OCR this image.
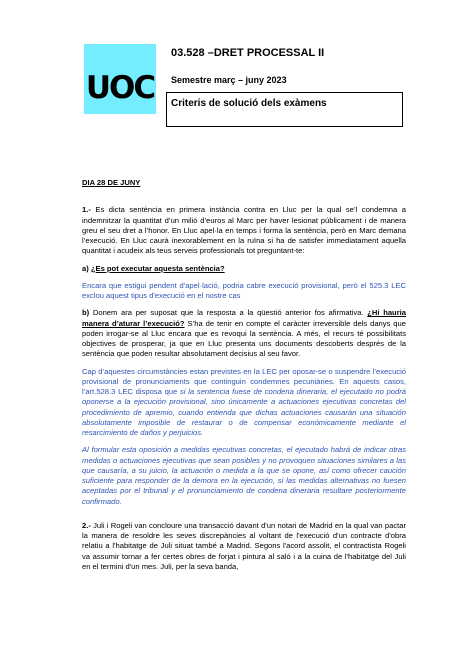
UOC

03.528 –DRET PROCESSAL II

Semestre març – juny 2023

Criteris de solució dels exàmens

DIA 28 DE JUNY

1.- Es dicta sentència en primera instància contra en Lluc per la qual se’l condemna a indemnitzar la quantitat d’un milió d’euros al Marc per haver lesionat públicament i de manera greu el seu dret a l’honor. En Lluc apel·la en temps i forma la sentència, però en Marc demana l’execució. En Lluc caurà inexorablement en la ruïna si ha de satisfer immediatament aquella quantitat i acudeix als teus serveis professionals tot preguntant-te:

a) ¿Es pot executar aquesta sentència?

Encara que estigui pendent d'apel·lació, podria cabre execució provisional, però el 525.3 LEC exclou aquest tipus d'execució en el nostre cas

b) Donem ara per suposat que la resposta a la qüestió anterior fos afirmativa. ¿Hi hauria manera d’aturar l’execució? S’ha de tenir en compte el caràcter irreversible dels danys que poden irrogar-se al Lluc encara que es revoqui la sentència. A més, el recurs té possibilitats objectives de prosperar, ja que en Lluc presenta uns documents descoberts després de la sentència que poden resultar absolutament decisius al seu favor.

Cap d’aquestes circumstàncies estan previstes en la LEC per oposar-se o suspendre l’execució provisional de pronunciaments que continguin condemnes pecuniàries. En aquests casos, l’art.528.3 LEC disposa que si la sentencia fuese de condena dineraria, el ejecutado no podrá oponerse a la ejecución provisional, sino únicamente a actuaciones ejecutivas concretas del procedimiento de apremio, cuando entienda que dichas actuaciones causarán una situación absolutamente imposible de restaurar o de compensar económicamente mediante el resarcimiento de daños y perjuicios.

Al formular esta oposición a medidas ejecutivas concretas, el ejecutado habrá de indicar otras medidas o actuaciones ejecutivas que sean posibles y no provoquen situaciones similares a las que causaría, a su juicio, la actuación o medida a la que se opone, así como ofrecer caución suficiente para responder de la demora en la ejecución, si las medidas alternativas no fuesen aceptadas por el tribunal y el pronunciamiento de condena dineraria resultare posteriormente confirmado.

2.- Juli i Rogeli van concloure una transacció davant d'un notari de Madrid en la qual van pactar la manera de resoldre les seves discrepàncies al voltant de l'execució d'un contracte d'obra relatiu a l'habitatge de Juli situat també a Madrid. Segons l'acord assolit, el contractista Rogeli va assumir tornar a fer certes obres de forjat i pintura al saló i a la cuina de l'habitatge del Juli en el termini d'un mes. Juli, per la seva banda,
